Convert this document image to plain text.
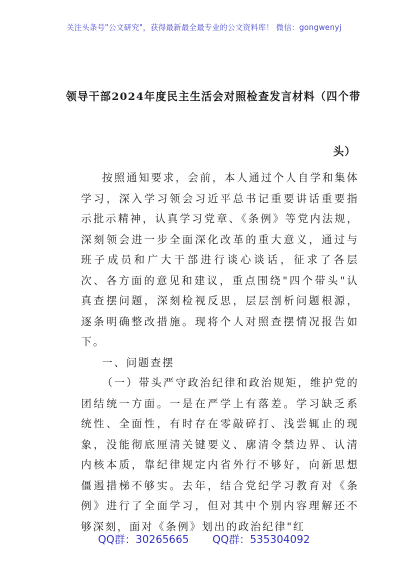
关注头条号"公文研究"，获得最新最全最专业的公文资料库！ 微信：gongwenyj
领导干部2024年度民主生活会对照检查发言材料（四个带
头）

按照通知要求，会前，本人通过个人自学和集体学习，深入学习领会习近平总书记重要讲话重要指示批示精神，认真学习党章、《条例》等党内法规，深刻领会进一步全面深化改革的重大意义，通过与班子成员和广大干部进行谈心谈话，征求了各层次、各方面的意见和建议，重点围绕"四个带头"认真查摆问题，深刻检视反思，层层剖析问题根源，逐条明确整改措施。现将个人对照查摆情况报告如下。

一、问题查摆

（一）带头严守政治纪律和政治规矩，维护党的团结统一方面。一是在严学上有落差。学习缺乏系统性、全面性，有时存在零敲碎打、浅尝辄止的现象，没能彻底厘清关键要义、廓清令禁边界、认清内核本质，靠纪律规定内省外行不够好，向新思想僵遏措梯不够实。去年，结合党纪学习教育对《条例》进行了全面学习，但对其中个别内容理解还不够深刻，面对《条例》划出的政治纪律"红

QQ群：30265665 QQ群：535304092
